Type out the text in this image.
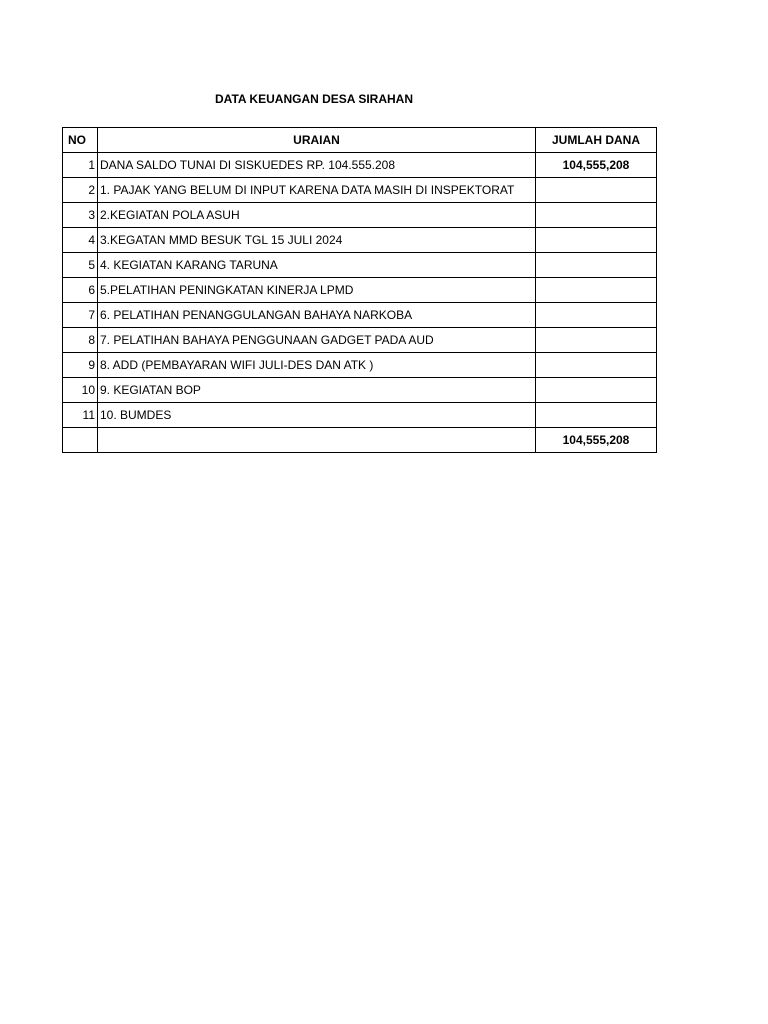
DATA KEUANGAN DESA SIRAHAN
NO	URAIAN	JUMLAH DANA
1	DANA SALDO TUNAI DI SISKUEDES RP. 104.555.208	104,555,208
2	1. PAJAK YANG BELUM DI INPUT KARENA DATA MASIH DI INSPEKTORAT	
3	2.KEGIATAN POLA ASUH	
4	3.KEGATAN MMD BESUK TGL 15 JULI 2024	
5	4. KEGIATAN KARANG TARUNA	
6	5.PELATIHAN PENINGKATAN KINERJA LPMD	
7	6. PELATIHAN PENANGGULANGAN BAHAYA NARKOBA	
8	7. PELATIHAN BAHAYA PENGGUNAAN GADGET PADA AUD	
9	8. ADD (PEMBAYARAN WIFI JULI-DES DAN ATK )	
10	9. KEGIATAN BOP	
11	10. BUMDES	
		104,555,208
